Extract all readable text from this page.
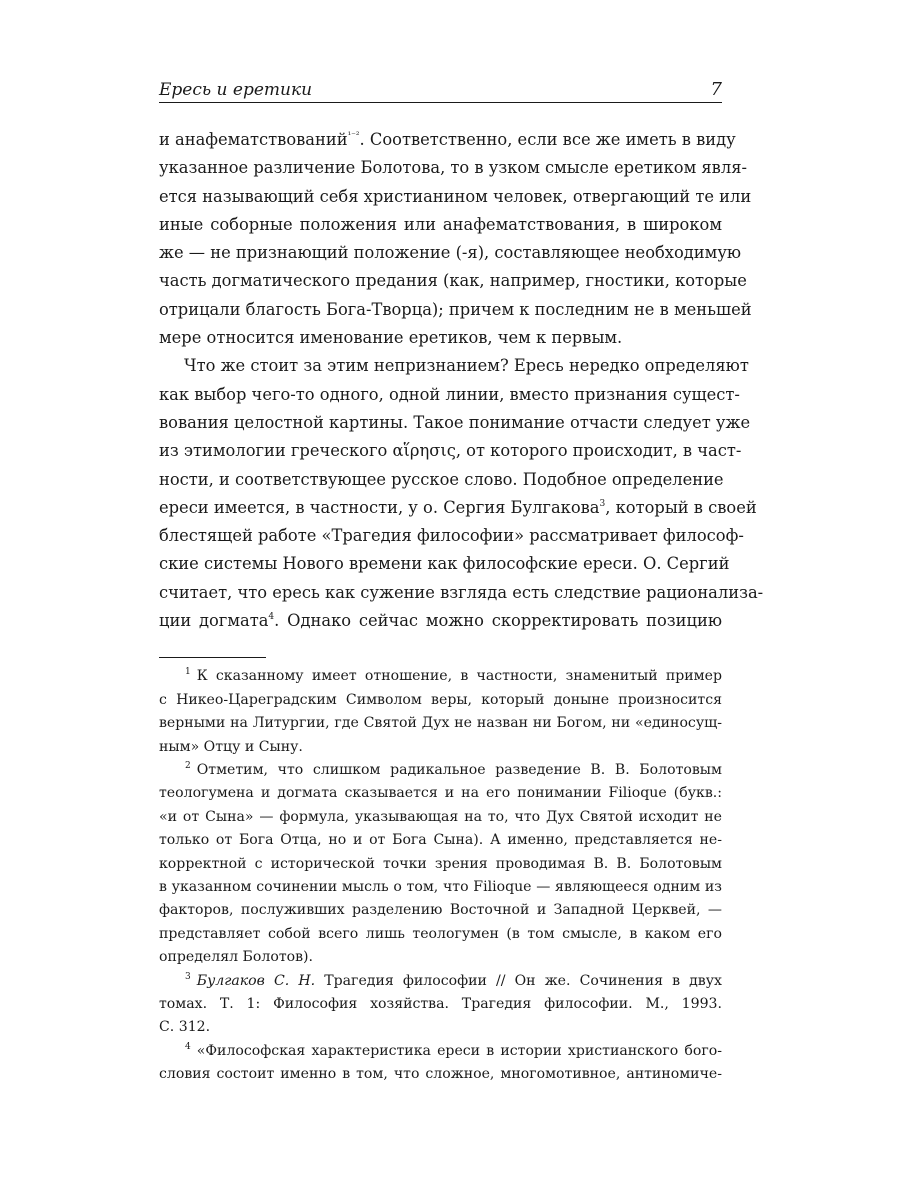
Ересь и еретики	7

и анафематствований$^{^{1-2}}$. Соответственно, если все же иметь в виду
указанное различение Болотова, то в узком смысле еретиком явля-
ется называющий себя христианином человек, отвергающий те или
иные соборные положения или анафематствования, в широком
же — не признающий положение (-я), составляющее необходимую
часть догматического предания (как, например, гностики, которые
отрицали благость Бога-Творца); причем к последним не в меньшей
мере относится именование еретиков, чем к первым.

Что же стоит за этим непризнанием? Ересь нередко определяют
как выбор чего-то одного, одной линии, вместо признания сущест-
вования целостной картины. Такое понимание отчасти следует уже
из этимологии греческого αἵρησις, от которого происходит, в част-
ности, и соответствующее русское слово. Подобное определение
ереси имеется, в частности, у о. Сергия Булгакова$^3$, который в своей
блестящей работе «Трагедия философии» рассматривает философ-
ские системы Нового времени как философские ереси. О. Сергий
считает, что ересь как сужение взгляда есть следствие рационализа-
ции догмата$^4$. Однако сейчас можно скорректировать позицию

$^1$ К сказанному имеет отношение, в частности, знаменитый пример
с Никео-Цареградским Символом веры, который доныне произносится
верными на Литургии, где Святой Дух не назван ни Богом, ни «единосущ-
ным» Отцу и Сыну.

$^2$ Отметим, что слишком радикальное разведение В. В. Болотовым
теологумена и догмата сказывается и на его понимании Filioque (букв.:
«и от Сына» — формула, указывающая на то, что Дух Святой исходит не
только от Бога Отца, но и от Бога Сына). А именно, представляется не-
корректной с исторической точки зрения проводимая В. В. Болотовым
в указанном сочинении мысль о том, что Filioque — являющееся одним из
факторов, послуживших разделению Восточной и Западной Церквей, —
представляет собой всего лишь теологумен (в том смысле, в каком его
определял Болотов).

$^3$ Булгаков С. Н. Трагедия философии // Он же. Сочинения в двух
томах. Т. 1: Философия хозяйства. Трагедия философии. М., 1993.
С. 312.

$^4$ «Философская характеристика ереси в истории христианского бого-
словия состоит именно в том, что сложное, многомотивное, антиномиче-
